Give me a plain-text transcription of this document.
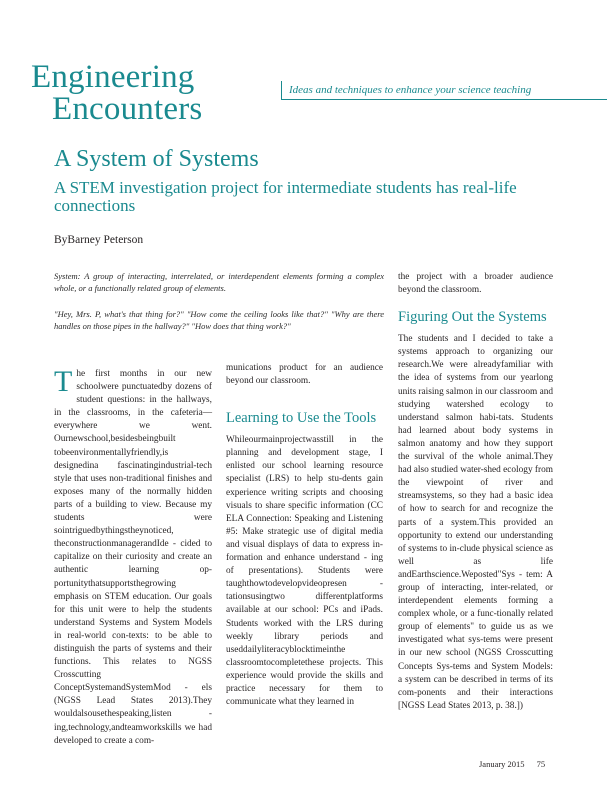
Engineering
Encounters
Ideas and techniques to enhance your science teaching
A System of Systems
A STEM investigation project for intermediate students has real-life connections
ByBarney Peterson
System: A group of interacting, interrelated, or interdependent elements forming a complex whole, or a functionally related group of elements.
"Hey, Mrs. P, what's that thing for?" "How come the ceiling looks like that?" "Why are there handles on those pipes in the hallway?" "How does that thing work?"

The first months in our new schoolwere punctuatedby dozens of student questions: in the hallways, in the classrooms, in the cafeteria—everywhere we went. Ournewschool,besidesbeingbuilt tobeenvironmentallyfriendly,is designedina fascinatingindustrial-tech style that uses non-traditional finishes and exposes many of the normally hidden parts of a building to view. Because my students were sointriguedbythingstheynoticed, theconstructionmanagerandIde - cided to capitalize on their curiosity and create an authentic learning op-portunitythatsupportsthegrowing emphasis on STEM education. Our goals for this unit were to help the students understand Systems and System Models in real-world con-texts: to be able to distinguish the parts of systems and their functions. This relates to NGSS Crosscutting ConceptSystemandSystemMod - els (NGSS Lead States 2013).They wouldalsousethespeaking,listen - ing,technology,andteamworkskills we had developed to create a com-

munications product for an audience beyond our classroom.

Learning to Use the Tools

Whileourmainprojectwasstill in the planning and development stage, I enlisted our school learning resource specialist (LRS) to help stu-dents gain experience writing scripts and choosing visuals to share specific information (CC ELA Connection: Speaking and Listening #5: Make strategic use of digital media and visual displays of data to express in-formation and enhance understand - ing of presentations). Students were taughthowtodevelopvideopresen - tationsusingtwo differentplatforms available at our school: PCs and iPads. Students worked with the LRS during weekly library periods and useddailyliteracyblocktimeinthe classroomtocompletethese projects. This experience would provide the skills and practice necessary for them to communicate what they learned in

the project with a broader audience beyond the classroom.

Figuring Out the Systems

The students and I decided to take a systems approach to organizing our research.We were alreadyfamiliar with the idea of systems from our yearlong units raising salmon in our classroom and studying watershed ecology to understand salmon habi-tats. Students had learned about body systems in salmon anatomy and how they support the survival of the whole animal.They had also studied water-shed ecology from the viewpoint of river and streamsystems, so they had a basic idea of how to search for and recognize the parts of a system.This provided an opportunity to extend our understanding of systems to in-clude physical science as well as life andEarthscience.Weposted"Sys - tem: A group of interacting, inter-related, or interdependent elements forming a complex whole, or a func-tionally related group of elements" to guide us as we investigated what sys-tems were present in our new school (NGSS Crosscutting Concepts Sys-tems and System Models: a system can be described in terms of its com-ponents and their interactions [NGSS Lead States 2013, p. 38.])

January 2015 75
